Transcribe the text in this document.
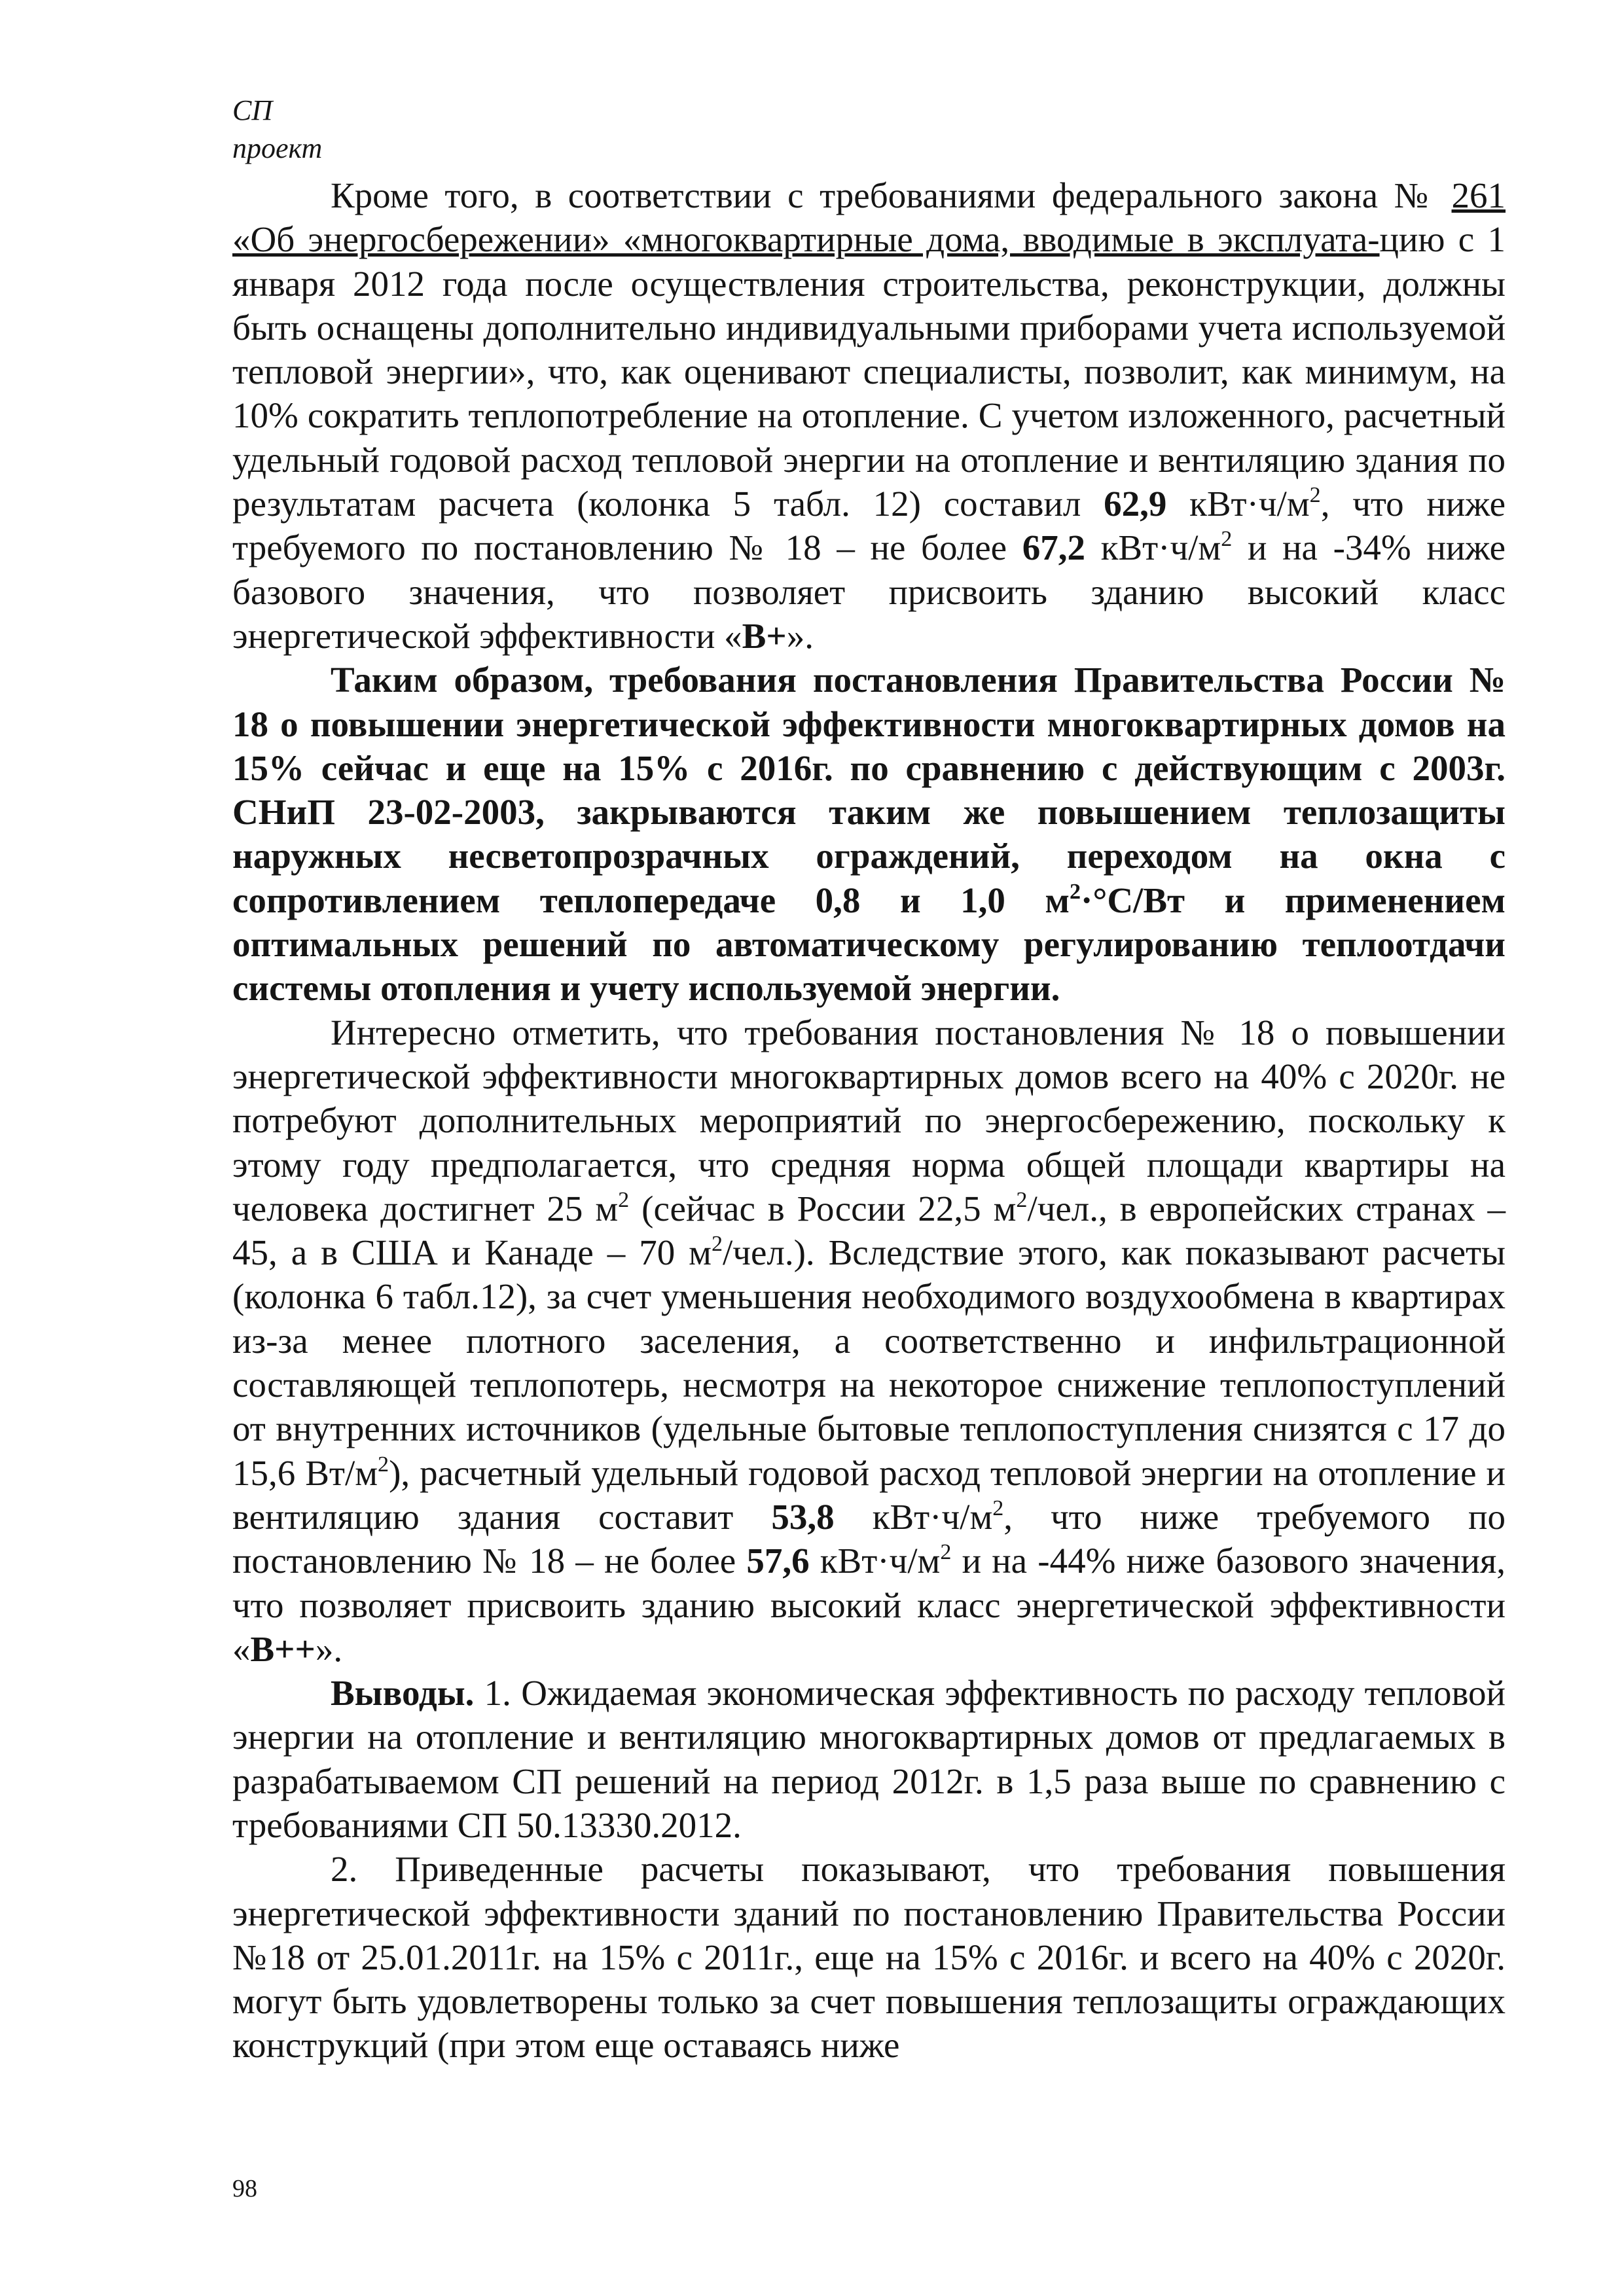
СП
проект

Кроме того, в соответствии с требованиями федерального закона № 261 «Об энергосбережении» «многоквартирные дома, вводимые в эксплуата-цию с 1 января 2012 года после осуществления строительства, реконструкции, должны быть оснащены дополнительно индивидуальными приборами учета используемой тепловой энергии», что, как оценивают специалисты, позволит, как минимум, на 10% сократить теплопотребление на отопление. С учетом изложенного, расчетный удельный годовой расход тепловой энергии на отопление и вентиляцию здания по результатам расчета (колонка 5 табл. 12) составил 62,9 $кВт\cdot ч/м^2$, что ниже требуемого по постановлению № 18 – не более 67,2 $кВт\cdot ч/м^2$ и на -34% ниже базового значения, что позволяет присвоить зданию высокий класс энергетической эффективности «В+».

Таким образом, требования постановления Правительства России № 18 о повышении энергетической эффективности многоквартирных домов на 15% сейчас и еще на 15% с 2016г. по сравнению с действующим с 2003г. СНиП 23-02-2003, закрываются таким же повышением теплозащиты наружных несветопрозрачных ограждений, переходом на окна с сопротивлением теплопередаче 0,8 и 1,0 $м^2\cdot^\circ С/Вт$ и применением оптимальных решений по автоматическому регулированию теплоотдачи системы отопления и учету используемой энергии.

Интересно отметить, что требования постановления № 18 о повышении энергетической эффективности многоквартирных домов всего на 40% с 2020г. не потребуют дополнительных мероприятий по энергосбережению, поскольку к этому году предполагается, что средняя норма общей площади квартиры на человека достигнет 25 $м^2$ (сейчас в России 22,5 $м^2$/чел., в европейских странах – 45, а в США и Канаде – 70 $м^2/чел$.). Вследствие этого, как показывают расчеты (колонка 6 табл.12), за счет уменьшения необходимого воздухообмена в квартирах из-за менее плотного заселения, а соответственно и инфильтрационной составляющей теплопотерь, несмотря на некоторое снижение теплопоступлений от внутренних источников (удельные бытовые теплопоступления снизятся с 17 до 15,6 $Вт/м^2$), расчетный удельный годовой расход тепловой энергии на отопление и вентиляцию здания составит 53,8 $кВт\cdot ч/м^2$, что ниже требуемого по постановлению № 18 – не более 57,6 $кВт\cdot ч/м^2$ и на -44% ниже базового значения, что позволяет присвоить зданию высокий класс энергетической эффективности «В++».

Выводы. 1. Ожидаемая экономическая эффективность по расходу тепловой энергии на отопление и вентиляцию многоквартирных домов от предлагаемых в разрабатываемом СП решений на период 2012г. в 1,5 раза выше по сравнению с требованиями СП 50.13330.2012.

2. Приведенные расчеты показывают, что требования повышения энергетической эффективности зданий по постановлению Правительства России №18 от 25.01.2011г. на 15% с 2011г., еще на 15% с 2016г. и всего на 40% с 2020г. могут быть удовлетворены только за счет повышения теплозащиты ограждающих конструкций (при этом еще оставаясь ниже

98
